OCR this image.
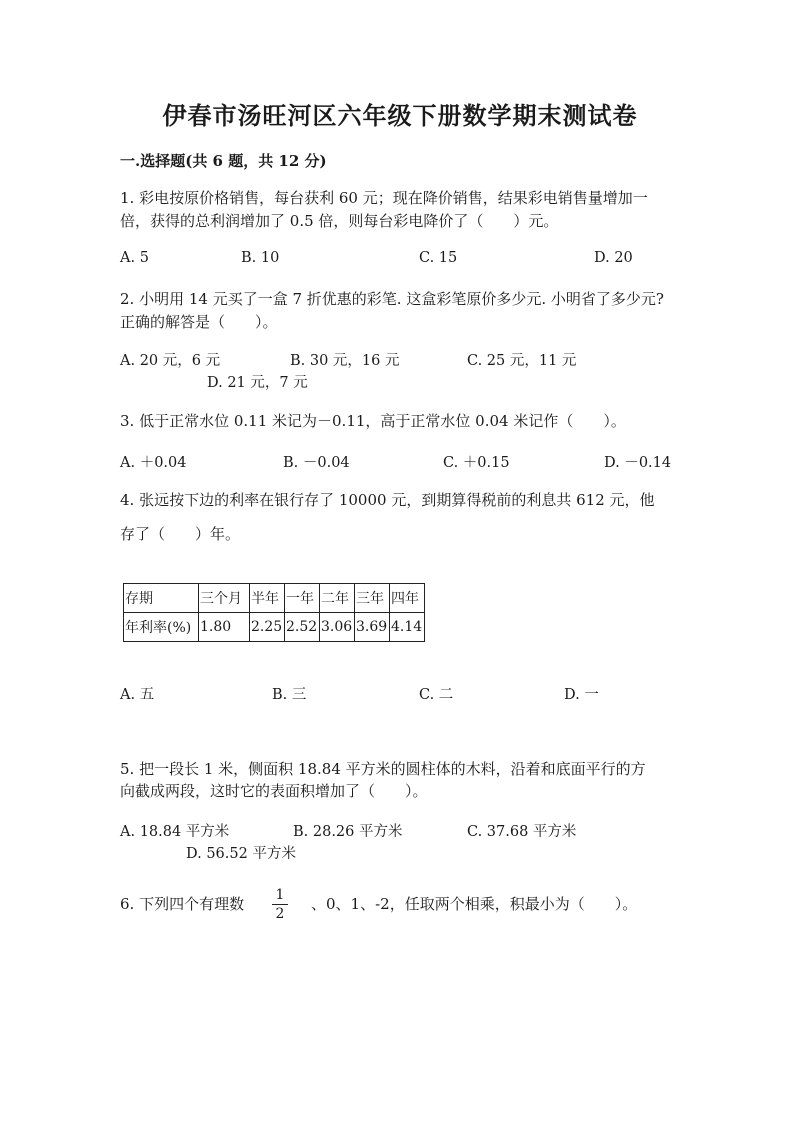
伊春市汤旺河区六年级下册数学期末测试卷
一.选择题(共 6 题，共 12 分)
1. 彩电按原价格销售，每台获利 60 元；现在降价销售，结果彩电销售量增加一
倍，获得的总利润增加了 0.5 倍，则每台彩电降价了（　　）元。
A. 5	B. 10	C. 15	D. 20
2. 小明用 14 元买了一盒 7 折优惠的彩笔. 这盒彩笔原价多少元. 小明省了多少元?
正确的解答是（　　）。
A. 20 元，6 元	B. 30 元，16 元	C. 25 元，11 元
D. 21 元，7 元
3. 低于正常水位 0.11 米记为－0.11，高于正常水位 0.04 米记作（　　）。
A. ＋0.04	B. －0.04	C. ＋0.15	D. －0.14
4. 张远按下边的利率在银行存了 10000 元，到期算得税前的利息共 612 元，他
存了（　　）年。
存期	三个月	半年	一年	二年	三年	四年
年利率(%)	1.80	2.25	2.52	3.06	3.69	4.14
A. 五	B. 三	C. 二	D. 一
5. 把一段长 1 米，侧面积 18.84 平方米的圆柱体的木料，沿着和底面平行的方
向截成两段，这时它的表面积增加了（　　）。
A. 18.84 平方米	B. 28.26 平方米	C. 37.68 平方米
D. 56.52 平方米
6. 下列四个有理数 1
2
、0、1、-2，任取两个相乘，积最小为（　　）。
